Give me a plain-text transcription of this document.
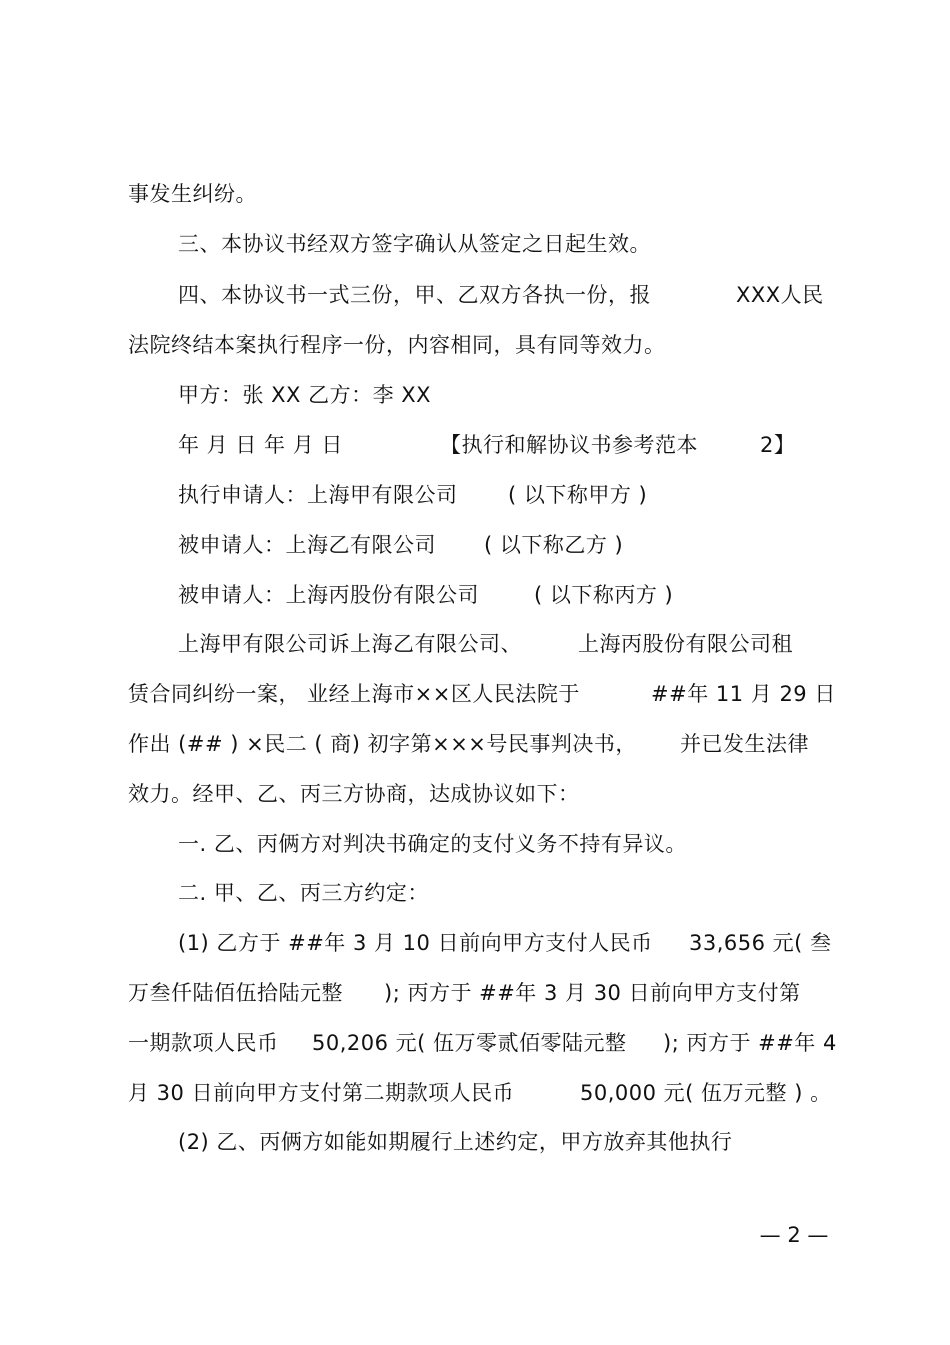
事发生纠纷。
三、本协议书经双方签字确认从签定之日起生效。
四、本协议书一式三份，甲、乙双方各执一份，报	XXX人民
法院终结本案执行程序一份，内容相同，具有同等效力。
甲方：张 XX 乙方：李 XX
年 月 日 年 月 日	【执行和解协议书参考范本	2】
执行申请人：上海甲有限公司 ( 以下称甲方 )
被申请人：上海乙有限公司 ( 以下称乙方 )
被申请人：上海丙股份有限公司	( 以下称丙方 )
上海甲有限公司诉上海乙有限公司、	上海丙股份有限公司租
赁合同纠纷一案， 业经上海市××区人民法院于	##年 11 月 29 日
作出 (## ) ×民二 ( 商) 初字第×××号民事判决书， 并已发生法律
效力。经甲、乙、丙三方协商，达成协议如下：
一. 乙、丙俩方对判决书确定的支付义务不持有异议。
二. 甲、乙、丙三方约定：
(1) 乙方于 ##年 3 月 10 日前向甲方支付人民币 33,656 元( 叁
万叁仟陆佰伍拾陆元整 ); 丙方于 ##年 3 月 30 日前向甲方支付第
一期款项人民币 50,206 元( 伍万零贰佰零陆元整 ); 丙方于 ##年 4
月 30 日前向甲方支付第二期款项人民币	50,000 元( 伍万元整 ) 。
(2) 乙、丙俩方如能如期履行上述约定，甲方放弃其他执行
— 2 —
